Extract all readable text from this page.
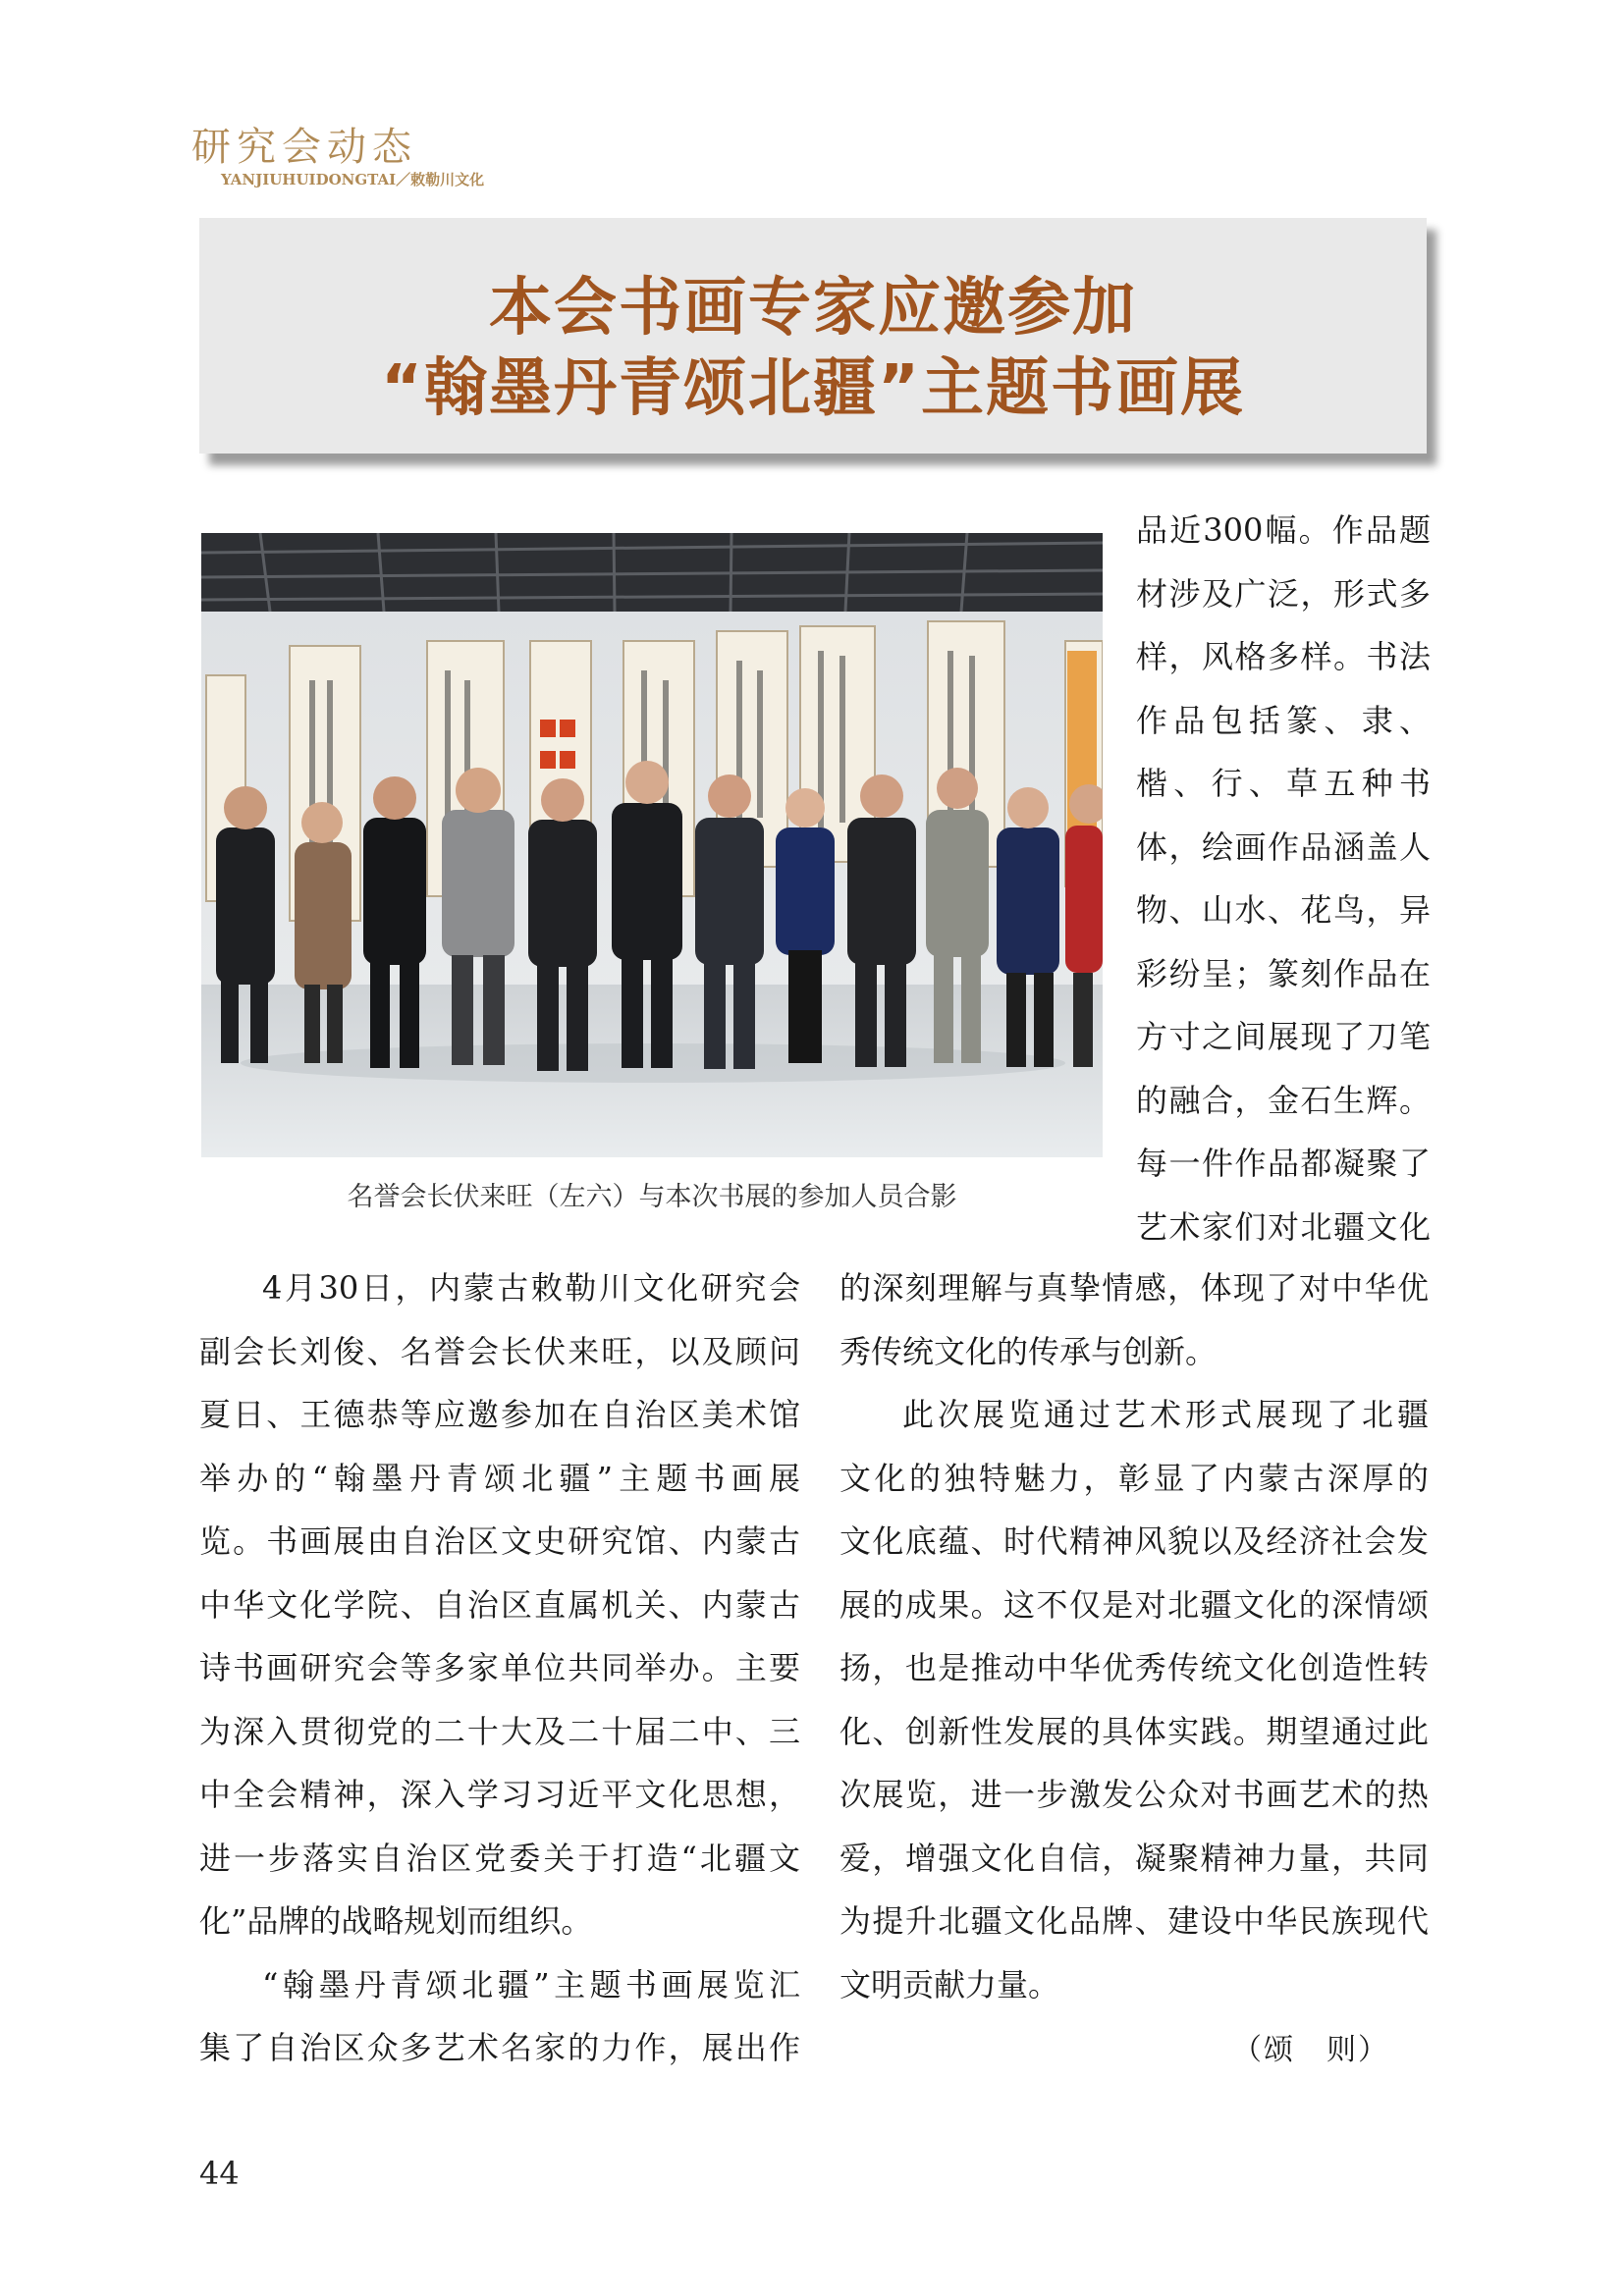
研究会动态
YANJIUHUIDONGTAI／敕勒川文化
本会书画专家应邀参加
“翰墨丹青颂北疆”主题书画展
名誉会长伏来旺（左六）与本次书展的参加人员合影

品近300幅。作品题

材涉及广泛，形式多

样，风格多样。书法

作品包括篆、隶、

楷、行、草五种书

体，绘画作品涵盖人

物、山水、花鸟，异

彩纷呈；篆刻作品在

方寸之间展现了刀笔

的融合，金石生辉。

每一件作品都凝聚了

艺术家们对北疆文化

4月30日，内蒙古敕勒川文化研究会

副会长刘俊、名誉会长伏来旺，以及顾问

夏日、王德恭等应邀参加在自治区美术馆

举办的“翰墨丹青颂北疆”主题书画展

览。书画展由自治区文史研究馆、内蒙古

中华文化学院、自治区直属机关、内蒙古

诗书画研究会等多家单位共同举办。主要

为深入贯彻党的二十大及二十届二中、三

中全会精神，深入学习习近平文化思想，

进一步落实自治区党委关于打造“北疆文

化”品牌的战略规划而组织。

“翰墨丹青颂北疆”主题书画展览汇

集了自治区众多艺术名家的力作，展出作

的深刻理解与真挚情感，体现了对中华优

秀传统文化的传承与创新。

此次展览通过艺术形式展现了北疆

文化的独特魅力，彰显了内蒙古深厚的

文化底蕴、时代精神风貌以及经济社会发

展的成果。这不仅是对北疆文化的深情颂

扬，也是推动中华优秀传统文化创造性转

化、创新性发展的具体实践。期望通过此

次展览，进一步激发公众对书画艺术的热

爱，增强文化自信，凝聚精神力量，共同

为提升北疆文化品牌、建设中华民族现代

文明贡献力量。

（颂　则）
44
